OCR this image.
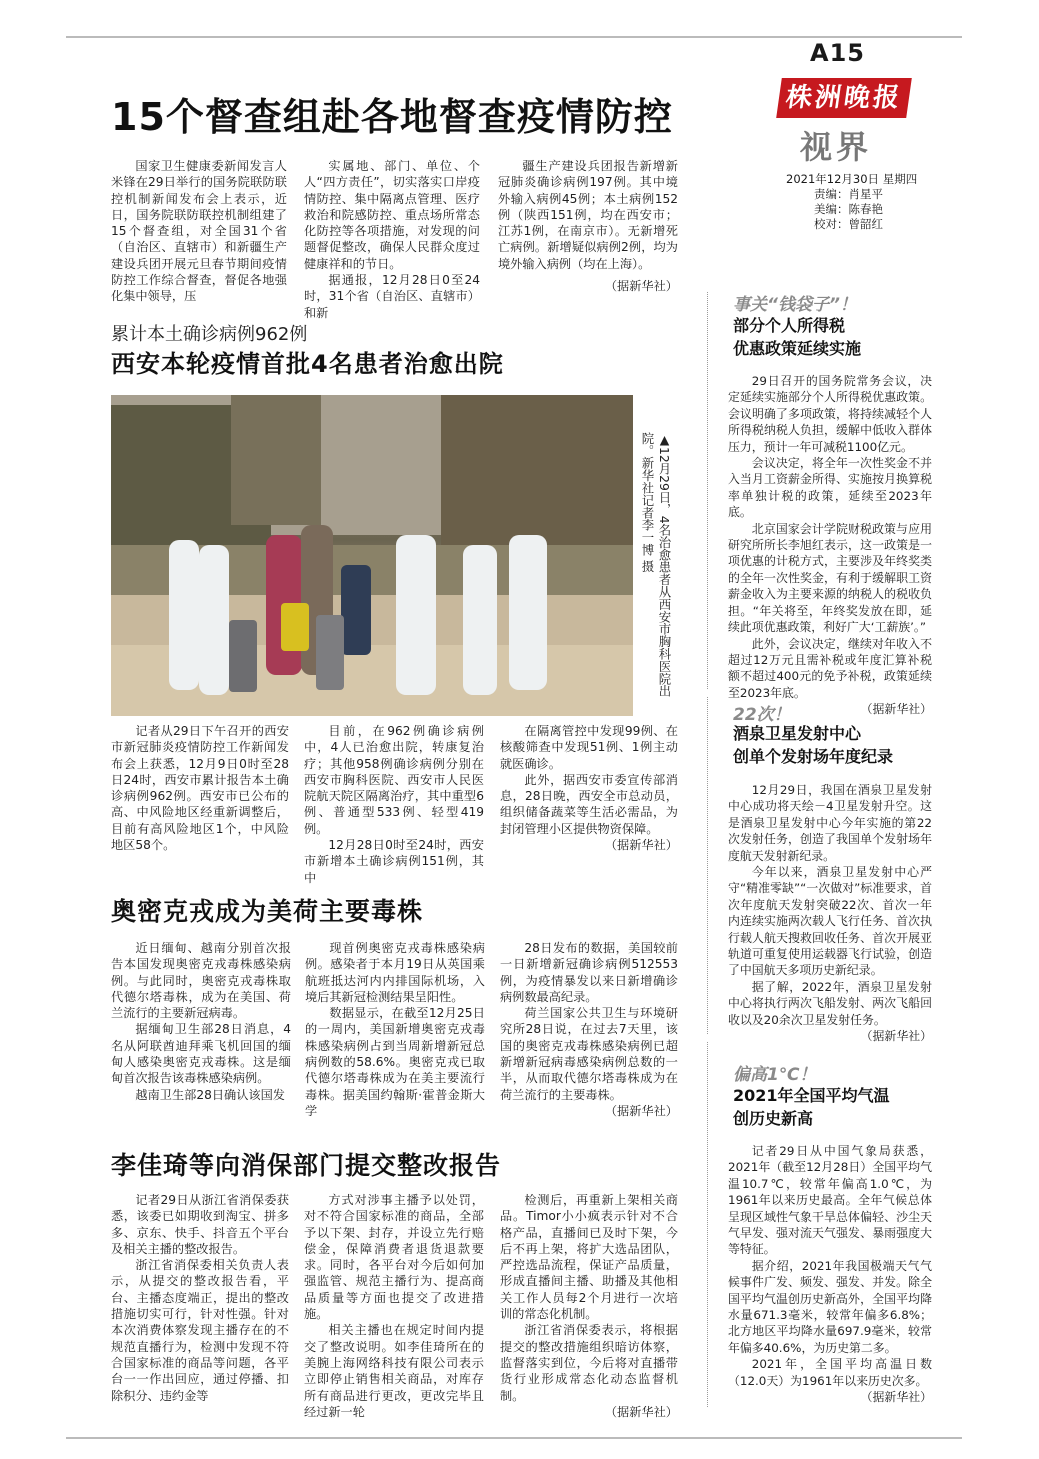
A15
株洲晚报
视界
2021年12月30日 星期四
责编：肖星平
美编：陈春艳
校对：曾韶红
15个督查组赴各地督查疫情防控

国家卫生健康委新闻发言人米锋在29日举行的国务院联防联控机制新闻发布会上表示，近日，国务院联防联控机制组建了15个督查组，对全国31个省（自治区、直辖市）和新疆生产建设兵团开展元旦春节期间疫情防控工作综合督查，督促各地强化集中领导，压

实属地、部门、单位、个人“四方责任”，切实落实口岸疫情防控、集中隔离点管理、医疗救治和院感防控、重点场所常态化防控等各项措施，对发现的问题督促整改，确保人民群众度过健康祥和的节日。

据通报，12月28日0至24时，31个省（自治区、直辖市）和新

疆生产建设兵团报告新增新冠肺炎确诊病例197例。其中境外输入病例45例；本土病例152例（陕西151例，均在西安市；江苏1例，在南京市）。无新增死亡病例。新增疑似病例2例，均为境外输入病例（均在上海）。

（据新华社）
累计本土确诊病例962例
西安本轮疫情首批4名患者治愈出院
▲12月29日，4名治愈患者从西安市胸科医院出院。新华社记者李一博 摄

记者从29日下午召开的西安市新冠肺炎疫情防控工作新闻发布会上获悉，12月9日0时至28日24时，西安市累计报告本土确诊病例962例。西安市已公布的高、中风险地区经重新调整后，目前有高风险地区1个，中风险地区58个。

目前，在962例确诊病例中，4人已治愈出院，转康复治疗；其他958例确诊病例分别在西安市胸科医院、西安市人民医院航天院区隔离治疗，其中重型6例、普通型533例、轻型419例。

12月28日0时至24时，西安市新增本土确诊病例151例，其中

在隔离管控中发现99例、在核酸筛查中发现51例、1例主动就医确诊。

此外，据西安市委宣传部消息，28日晚，西安全市总动员，组织储备蔬菜等生活必需品，为封闭管理小区提供物资保障。

（据新华社）
奥密克戎成为美荷主要毒株

近日缅甸、越南分别首次报告本国发现奥密克戎毒株感染病例。与此同时，奥密克戎毒株取代德尔塔毒株，成为在美国、荷兰流行的主要新冠病毒。

据缅甸卫生部28日消息，4名从阿联酋迪拜乘飞机回国的缅甸人感染奥密克戎毒株。这是缅甸首次报告该毒株感染病例。

越南卫生部28日确认该国发

现首例奥密克戎毒株感染病例。感染者于本月19日从英国乘航班抵达河内内排国际机场，入境后其新冠检测结果呈阳性。

数据显示，在截至12月25日的一周内，美国新增奥密克戎毒株感染病例占到当周新增新冠总病例数的58.6%。奥密克戎已取代德尔塔毒株成为在美主要流行毒株。据美国约翰斯·霍普金斯大学

28日发布的数据，美国较前一日新增新冠确诊病例512553例，为疫情暴发以来日新增确诊病例数最高纪录。

荷兰国家公共卫生与环境研究所28日说，在过去7天里，该国的奥密克戎毒株感染病例已超新增新冠病毒感染病例总数的一半，从而取代德尔塔毒株成为在荷兰流行的主要毒株。

（据新华社）
李佳琦等向消保部门提交整改报告

记者29日从浙江省消保委获悉，该委已如期收到淘宝、拼多多、京东、快手、抖音五个平台及相关主播的整改报告。

浙江省消保委相关负责人表示，从提交的整改报告看，平台、主播态度端正，提出的整改措施切实可行，针对性强。针对本次消费体察发现主播存在的不规范直播行为，检测中发现不符合国家标准的商品等问题，各平台一一作出回应，通过停播、扣除积分、违约金等

方式对涉事主播予以处罚，对不符合国家标准的商品，全部予以下架、封存，并设立先行赔偿金，保障消费者退货退款要求。同时，各平台对今后如何加强监管、规范主播行为、提高商品质量等方面也提交了改进措施。

相关主播也在规定时间内提交了整改说明。如李佳琦所在的美腕上海网络科技有限公司表示立即停止销售相关商品，对库存所有商品进行更改，更改完毕且经过新一轮

检测后，再重新上架相关商品。Timor小小疯表示针对不合格产品，直播间已及时下架，今后不再上架，将扩大选品团队，严控选品流程，保证产品质量，形成直播间主播、助播及其他相关工作人员每2个月进行一次培训的常态化机制。

浙江省消保委表示，将根据提交的整改措施组织暗访体察，监督落实到位，今后将对直播带货行业形成常态化动态监督机制。

（据新华社）
事关“钱袋子”！
部分个人所得税
优惠政策延续实施

29日召开的国务院常务会议，决定延续实施部分个人所得税优惠政策。会议明确了多项政策，将持续减轻个人所得税纳税人负担，缓解中低收入群体压力，预计一年可减税1100亿元。

会议决定，将全年一次性奖金不并入当月工资薪金所得、实施按月换算税率单独计税的政策，延续至2023年底。

北京国家会计学院财税政策与应用研究所所长李旭红表示，这一政策是一项优惠的计税方式，主要涉及年终奖类的全年一次性奖金，有利于缓解职工资薪金收入为主要来源的纳税人的税收负担。“年关将至，年终奖发放在即，延续此项优惠政策，利好广大‘工薪族’。”

此外，会议决定，继续对年收入不超过12万元且需补税或年度汇算补税额不超过400元的免予补税，政策延续至2023年底。

（据新华社）
22次！
酒泉卫星发射中心
创单个发射场年度纪录

12月29日，我国在酒泉卫星发射中心成功将天绘－4卫星发射升空。这是酒泉卫星发射中心今年实施的第22次发射任务，创造了我国单个发射场年度航天发射新纪录。

今年以来，酒泉卫星发射中心严守“精准零缺”“一次做对”标准要求，首次年度航天发射突破22次、首次一年内连续实施两次载人飞行任务、首次执行载人航天搜救回收任务、首次开展亚轨道可重复使用运载器飞行试验，创造了中国航天多项历史新纪录。

据了解，2022年，酒泉卫星发射中心将执行两次飞船发射、两次飞船回收以及20余次卫星发射任务。

（据新华社）
偏高1℃！
2021年全国平均气温
创历史新高

记者29日从中国气象局获悉，2021年（截至12月28日）全国平均气温10.7℃，较常年偏高1.0℃，为1961年以来历史最高。全年气候总体呈现区域性气象干旱总体偏轻、沙尘天气早发、强对流天气强发、暴雨强度大等特征。

据介绍，2021年我国极端天气气候事件广发、频发、强发、并发。除全国平均气温创历史新高外，全国平均降水量671.3毫米，较常年偏多6.8%；北方地区平均降水量697.9毫米，较常年偏多40.6%，为历史第二多。

2021年，全国平均高温日数（12.0天）为1961年以来历史次多。

（据新华社）
